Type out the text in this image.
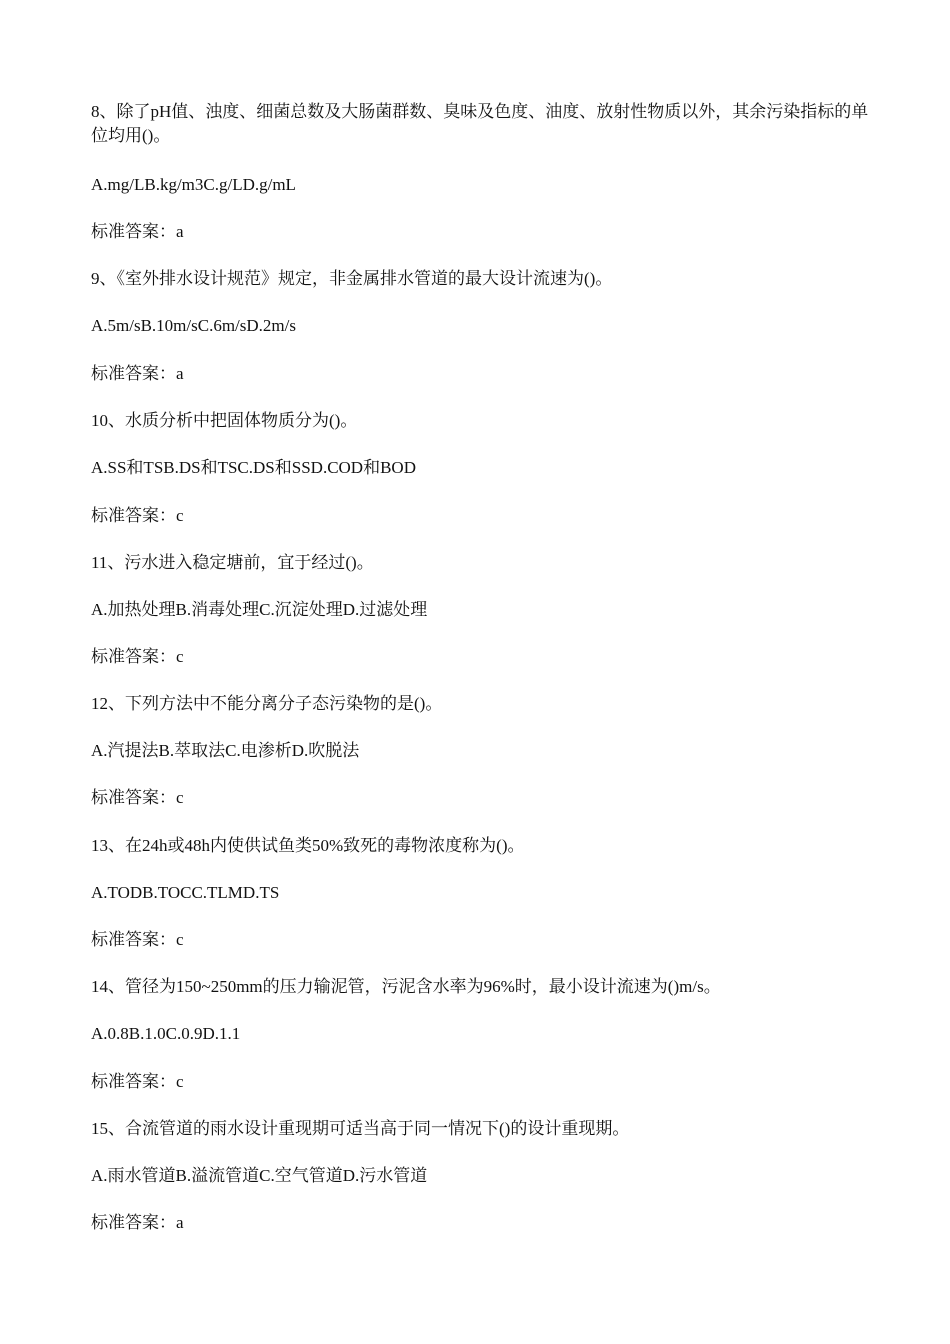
8、除了pH值、浊度、细菌总数及大肠菌群数、臭味及色度、油度、放射性物质以外，其余污染指标的单位均用()。

A.mg/LB.kg/m3C.g/LD.g/mL

标准答案：a

9、《室外排水设计规范》规定，非金属排水管道的最大设计流速为()。

A.5m/sB.10m/sC.6m/sD.2m/s

标准答案：a

10、水质分析中把固体物质分为()。

A.SS和TSB.DS和TSC.DS和SSD.COD和BOD

标准答案：c

11、污水进入稳定塘前，宜于经过()。

A.加热处理B.消毒处理C.沉淀处理D.过滤处理

标准答案：c

12、下列方法中不能分离分子态污染物的是()。

A.汽提法B.萃取法C.电渗析D.吹脱法

标准答案：c

13、在24h或48h内使供试鱼类50%致死的毒物浓度称为()。

A.TODB.TOCC.TLMD.TS

标准答案：c

14、管径为150~250mm的压力输泥管，污泥含水率为96%时，最小设计流速为()m/s。

A.0.8B.1.0C.0.9D.1.1

标准答案：c

15、合流管道的雨水设计重现期可适当高于同一情况下()的设计重现期。

A.雨水管道B.溢流管道C.空气管道D.污水管道

标准答案：a
